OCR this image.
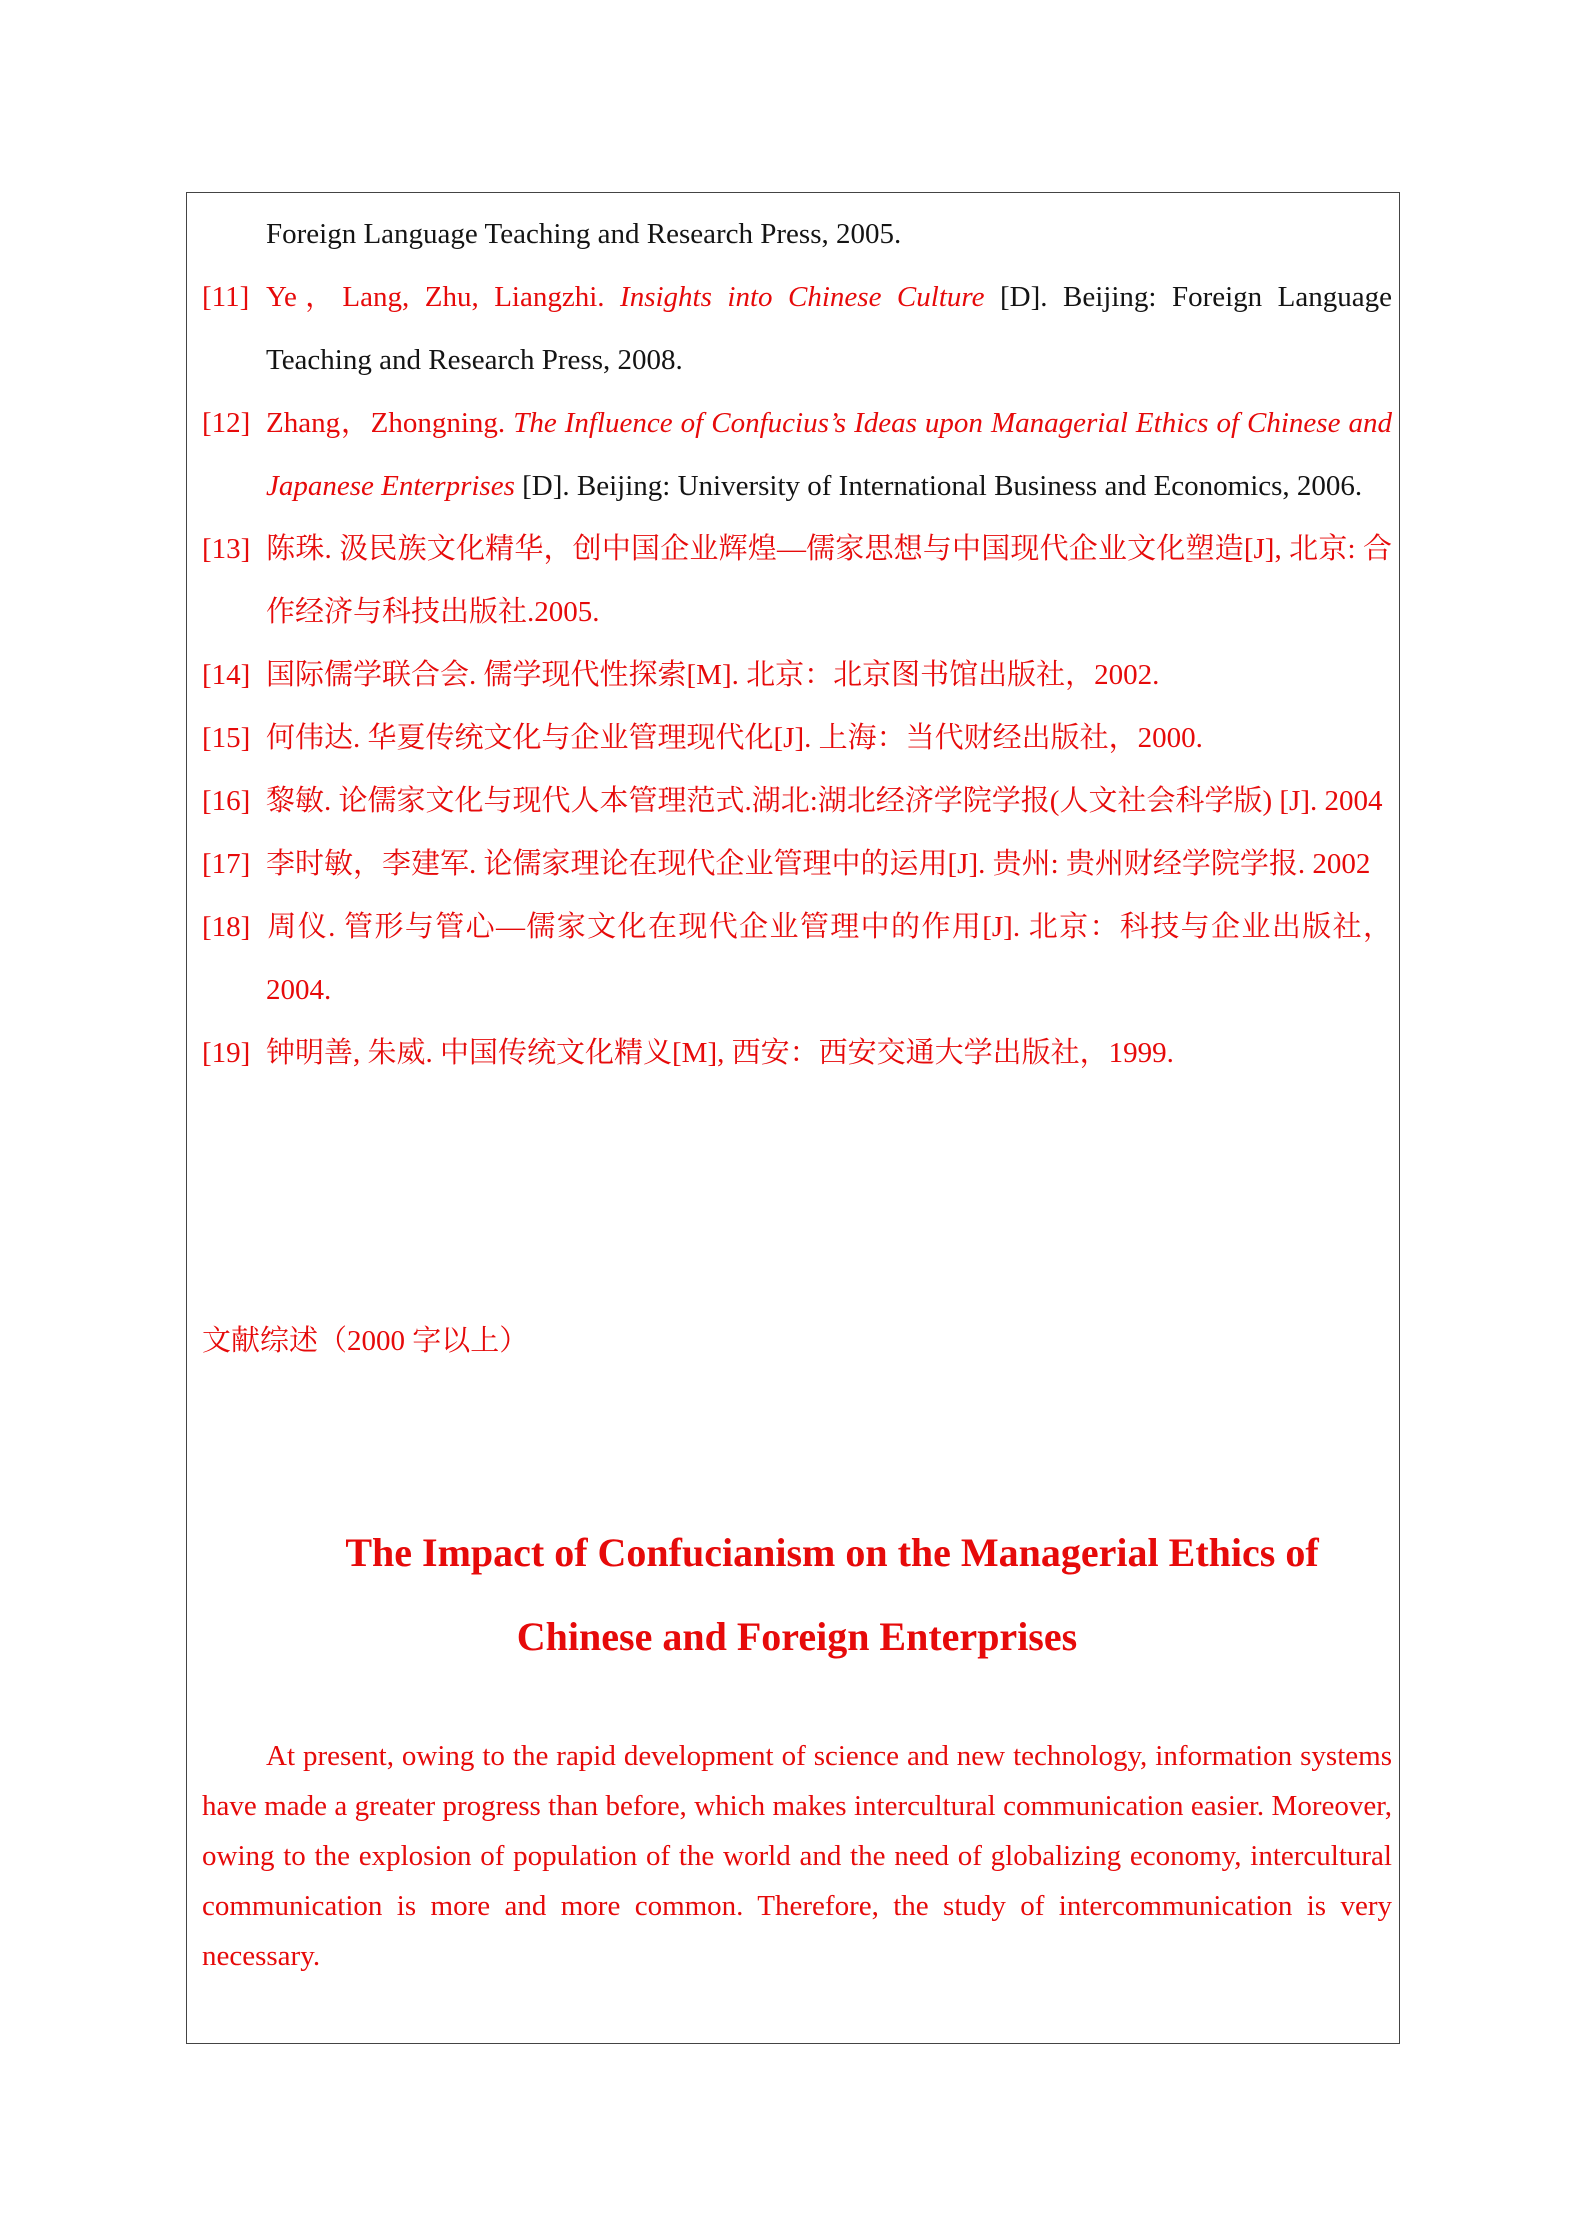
Foreign Language Teaching and Research Press, 2005.
[11] Ye，Lang, Zhu, Liangzhi. Insights into Chinese Culture [D]. Beijing: Foreign Language Teaching and Research Press, 2008.
[12] Zhang，Zhongning. The Influence of Confucius’s Ideas upon Managerial Ethics of Chinese and Japanese Enterprises [D]. Beijing: University of International Business and Economics, 2006.
[13] 陈珠. 汲民族文化精华，创中国企业辉煌—儒家思想与中国现代企业文化塑造[J], 北京: 合作经济与科技出版社.2005.
[14] 国际儒学联合会. 儒学现代性探索[M]. 北京：北京图书馆出版社，2002.
[15] 何伟达. 华夏传统文化与企业管理现代化[J]. 上海：当代财经出版社，2000.
[16] 黎敏. 论儒家文化与现代人本管理范式.湖北:湖北经济学院学报(人文社会科学版) [J]. 2004
[17] 李时敏，李建军. 论儒家理论在现代企业管理中的运用[J]. 贵州: 贵州财经学院学报. 2002
[18] 周仪. 管形与管心—儒家文化在现代企业管理中的作用[J]. 北京：科技与企业出版社，2004.
[19] 钟明善, 朱威. 中国传统文化精义[M], 西安：西安交通大学出版社，1999.
文献综述（2000 字以上）
The Impact of Confucianism on the Managerial Ethics of
Chinese and Foreign Enterprises

At present, owing to the rapid development of science and new technology, information systems have made a greater progress than before, which makes intercultural communication easier. Moreover, owing to the explosion of population of the world and the need of globalizing economy, intercultural communication is more and more common. Therefore, the study of intercommunication is very necessary.
